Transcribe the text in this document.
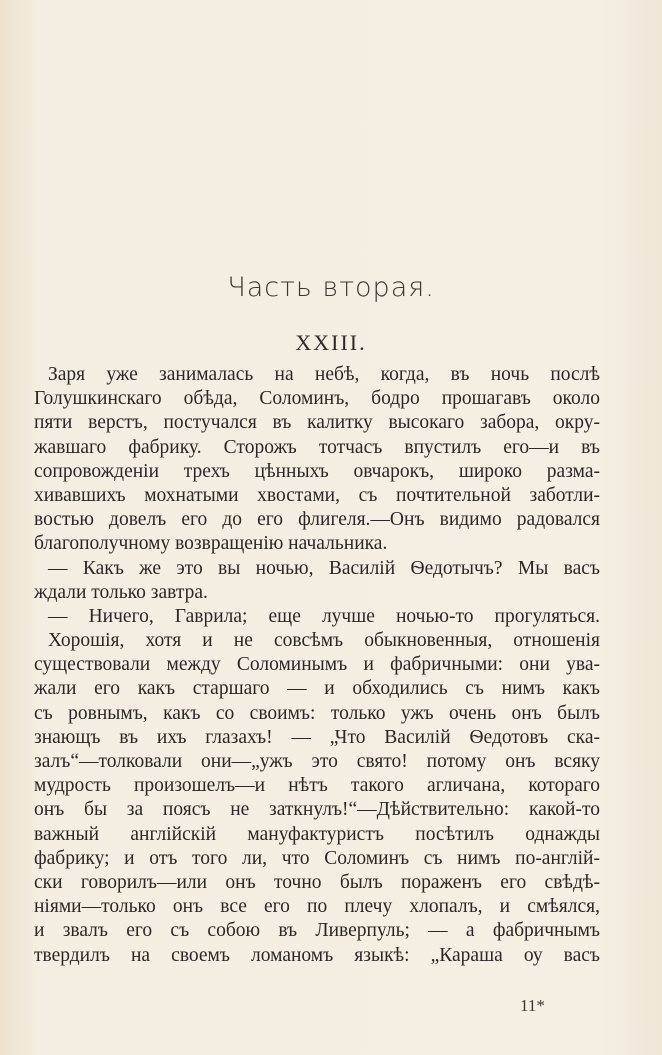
Часть вторая.
XXIII.
Заря уже занималась на небѣ, когда, въ ночь послѣ
Голушкинскаго обѣда, Соломинъ, бодро прошагавъ около
пяти верстъ, постучался въ калитку высокаго забора, окру-
жавшаго фабрику. Сторожъ тотчасъ впустилъ его—и въ
сопровожденіи трехъ цѣнныхъ овчарокъ, широко разма-
хивавшихъ мохнатыми хвостами, съ почтительной заботли-
востью довелъ его до его флигеля.—Онъ видимо радовался
благополучному возвращенію начальника.
— Какъ же это вы ночью, Василій Ѳедотычъ? Мы васъ
ждали только завтра.
— Ничего, Гаврила; еще лучше ночью-то прогуляться.
Хорошія, хотя и не совсѣмъ обыкновенныя, отношенія
существовали между Соломинымъ и фабричными: они ува-
жали его какъ старшаго — и обходились съ нимъ какъ
съ ровнымъ, какъ со своимъ: только ужъ очень онъ былъ
знающъ въ ихъ глазахъ! — „Что Василій Ѳедотовъ ска-
залъ“—толковали они—„ужъ это свято! потому онъ всяку
мудрость произошелъ—и нѣтъ такого агличана, котораго
онъ бы за поясъ не заткнулъ!“—Дѣйствительно: какой-то
важный англійскій мануфактуристъ посѣтилъ однажды
фабрику; и отъ того ли, что Соломинъ съ нимъ по-англій-
ски говорилъ—или онъ точно былъ пораженъ его свѣдѣ-
ніями—только онъ все его по плечу хлопалъ, и смѣялся,
и звалъ его съ собою въ Ливерпуль; — а фабричнымъ
твердилъ на своемъ ломаномъ языкѣ: „Караша оу васъ
11*
